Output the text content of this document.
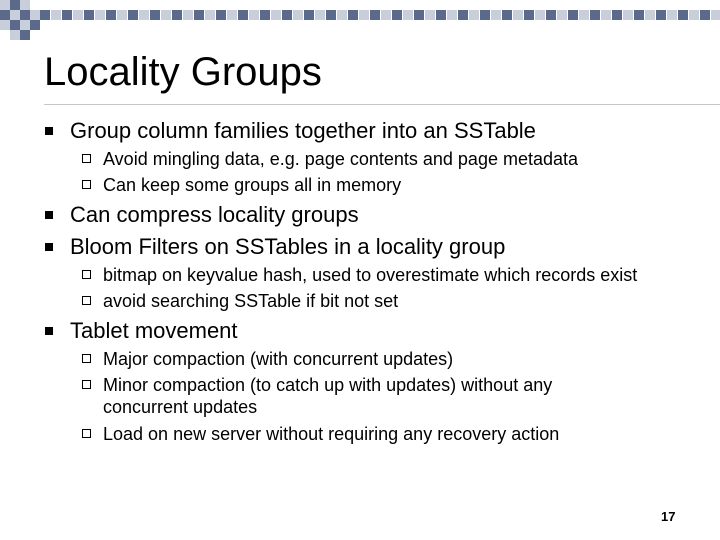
Locality Groups
Group column families together into an SSTable
Avoid mingling data, e.g. page contents and page metadata
Can keep some groups all in memory
Can compress locality groups
Bloom Filters on SSTables in a locality group
bitmap on keyvalue hash, used to overestimate which records exist
avoid searching SSTable if bit not set
Tablet movement
Major compaction (with concurrent updates)
Minor compaction (to catch up with updates) without any
concurrent updates
Load on new server without requiring any recovery action
17
